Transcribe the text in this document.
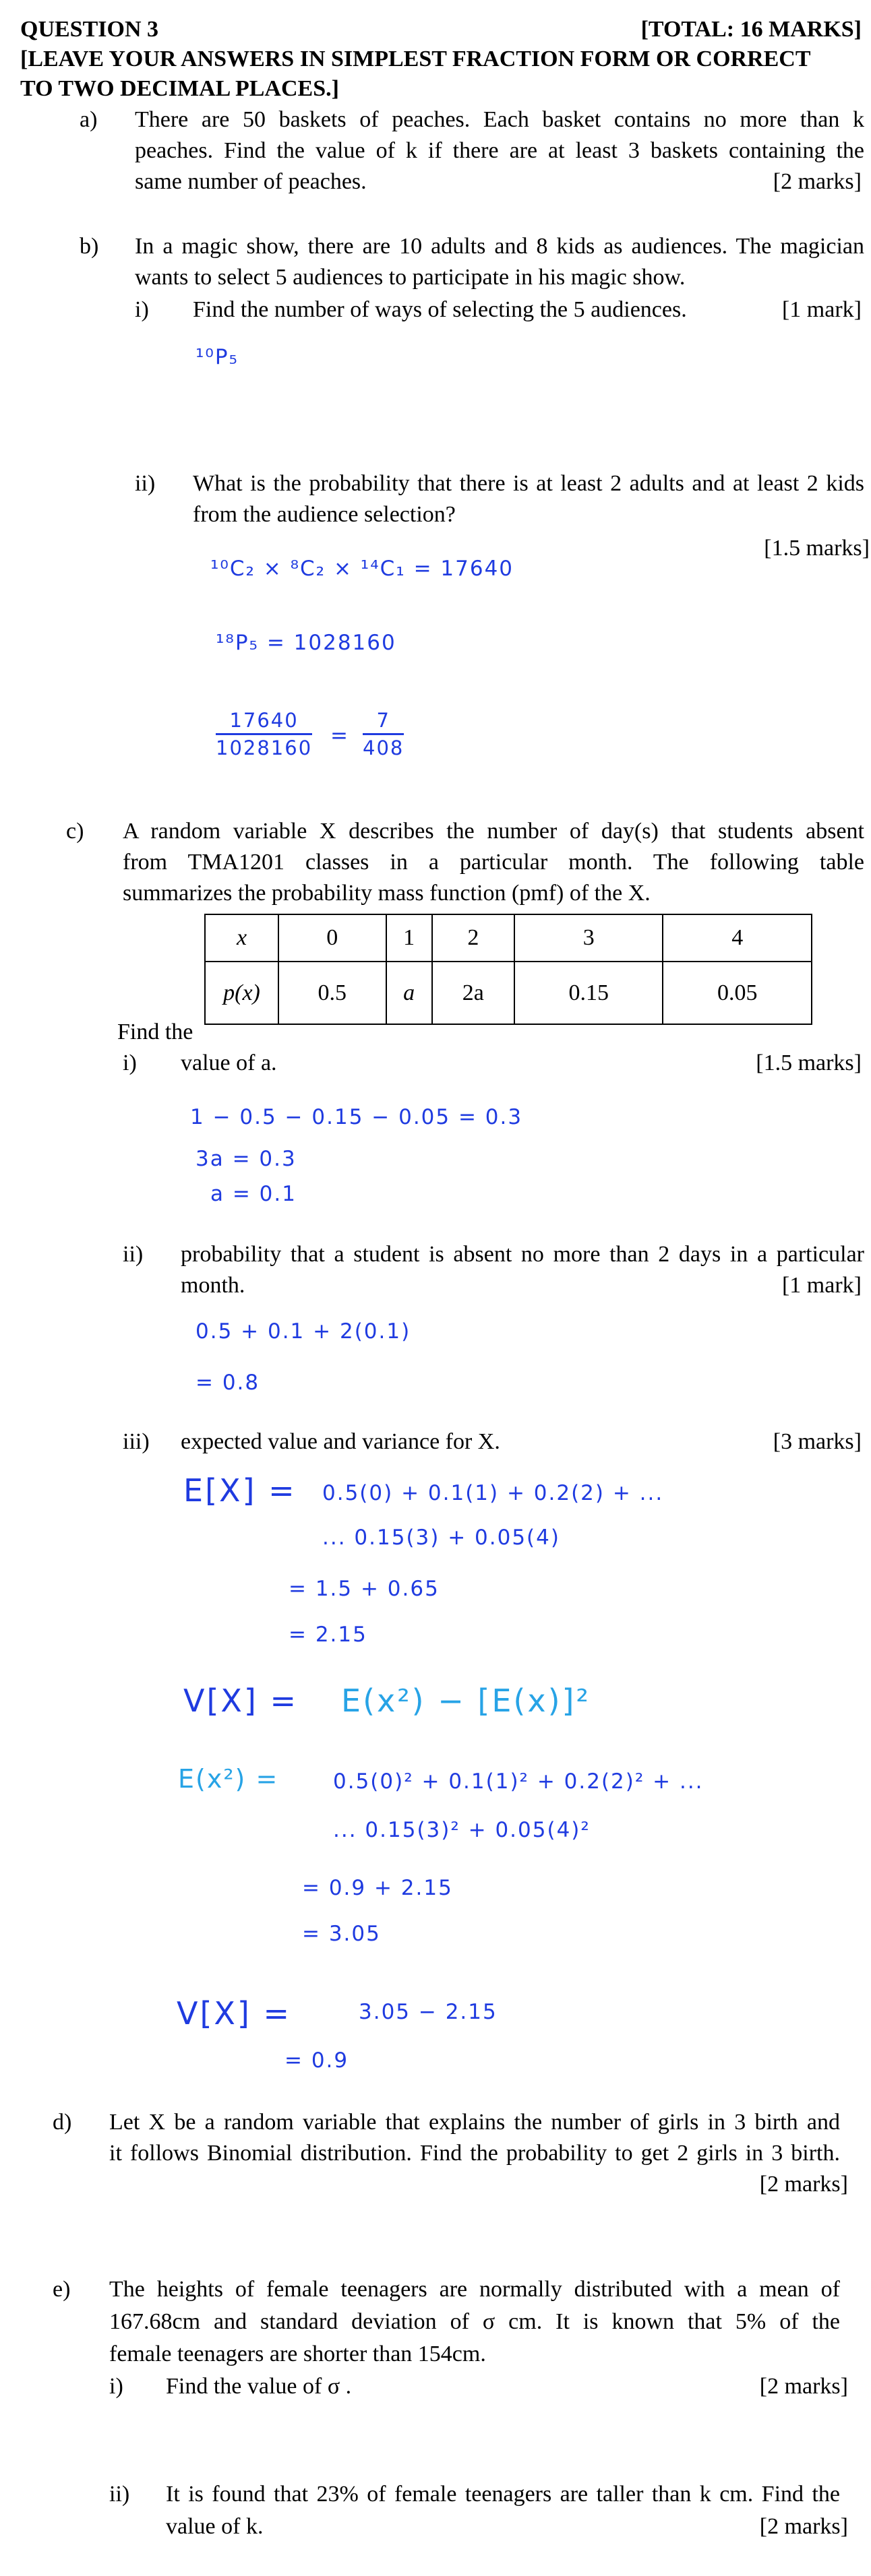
QUESTION 3	[TOTAL: 16 MARKS]
[LEAVE YOUR ANSWERS IN SIMPLEST FRACTION FORM OR CORRECT
TO TWO DECIMAL PLACES.]
a) There are 50 baskets of peaches. Each basket contains no more than k
peaches. Find the value of k if there are at least 3 baskets containing the
same number of peaches.	[2 marks]
b) In a magic show, there are 10 adults and 8 kids as audiences. The magician
wants to select 5 audiences to participate in his magic show.
i) Find the number of ways of selecting the 5 audiences.	[1 mark]
¹⁰P₅
ii) What is the probability that there is at least 2 adults and at least 2 kids
from the audience selection?
[1.5 marks]
¹⁰C₂ × ⁸C₂ × ¹⁴C₁ = 17640
¹⁸P₅ = 1028160
$\frac{17640}{1028160} = \frac{7}{408}$
c) A random variable X describes the number of day(s) that students absent
from TMA1201 classes in a particular month. The following table
summarizes the probability mass function (pmf) of the X.
x	0	1	2	3	4
p(x)	0.5	a	2a	0.15	0.05
Find the
i) value of a.	[1.5 marks]
1 − 0.5 − 0.15 − 0.05 = 0.3
3a = 0.3
a = 0.1
ii) probability that a student is absent no more than 2 days in a particular
month.	[1 mark]
0.5 + 0.1 + 2(0.1)
= 0.8
iii) expected value and variance for X.	[3 marks]
E[X] = 0.5(0) + 0.1(1) + 0.2(2) + ...
... 0.15(3) + 0.05(4)
= 1.5 + 0.65
= 2.15
V[X] = E(x²) − [E(x)]²
E(x²) =	0.5(0)² + 0.1(1)² + 0.2(2)² + ...
... 0.15(3)² + 0.05(4)²
= 0.9 + 2.15
= 3.05
V[X] =	3.05 − 2.15
= 0.9
d) Let X be a random variable that explains the number of girls in 3 birth and
it follows Binomial distribution. Find the probability to get 2 girls in 3 birth.
[2 marks]
e) The heights of female teenagers are normally distributed with a mean of
167.68cm and standard deviation of σ cm. It is known that 5% of the
female teenagers are shorter than 154cm.
i) Find the value of σ .	[2 marks]
ii) It is found that 23% of female teenagers are taller than k cm. Find the
value of k.	[2 marks]
